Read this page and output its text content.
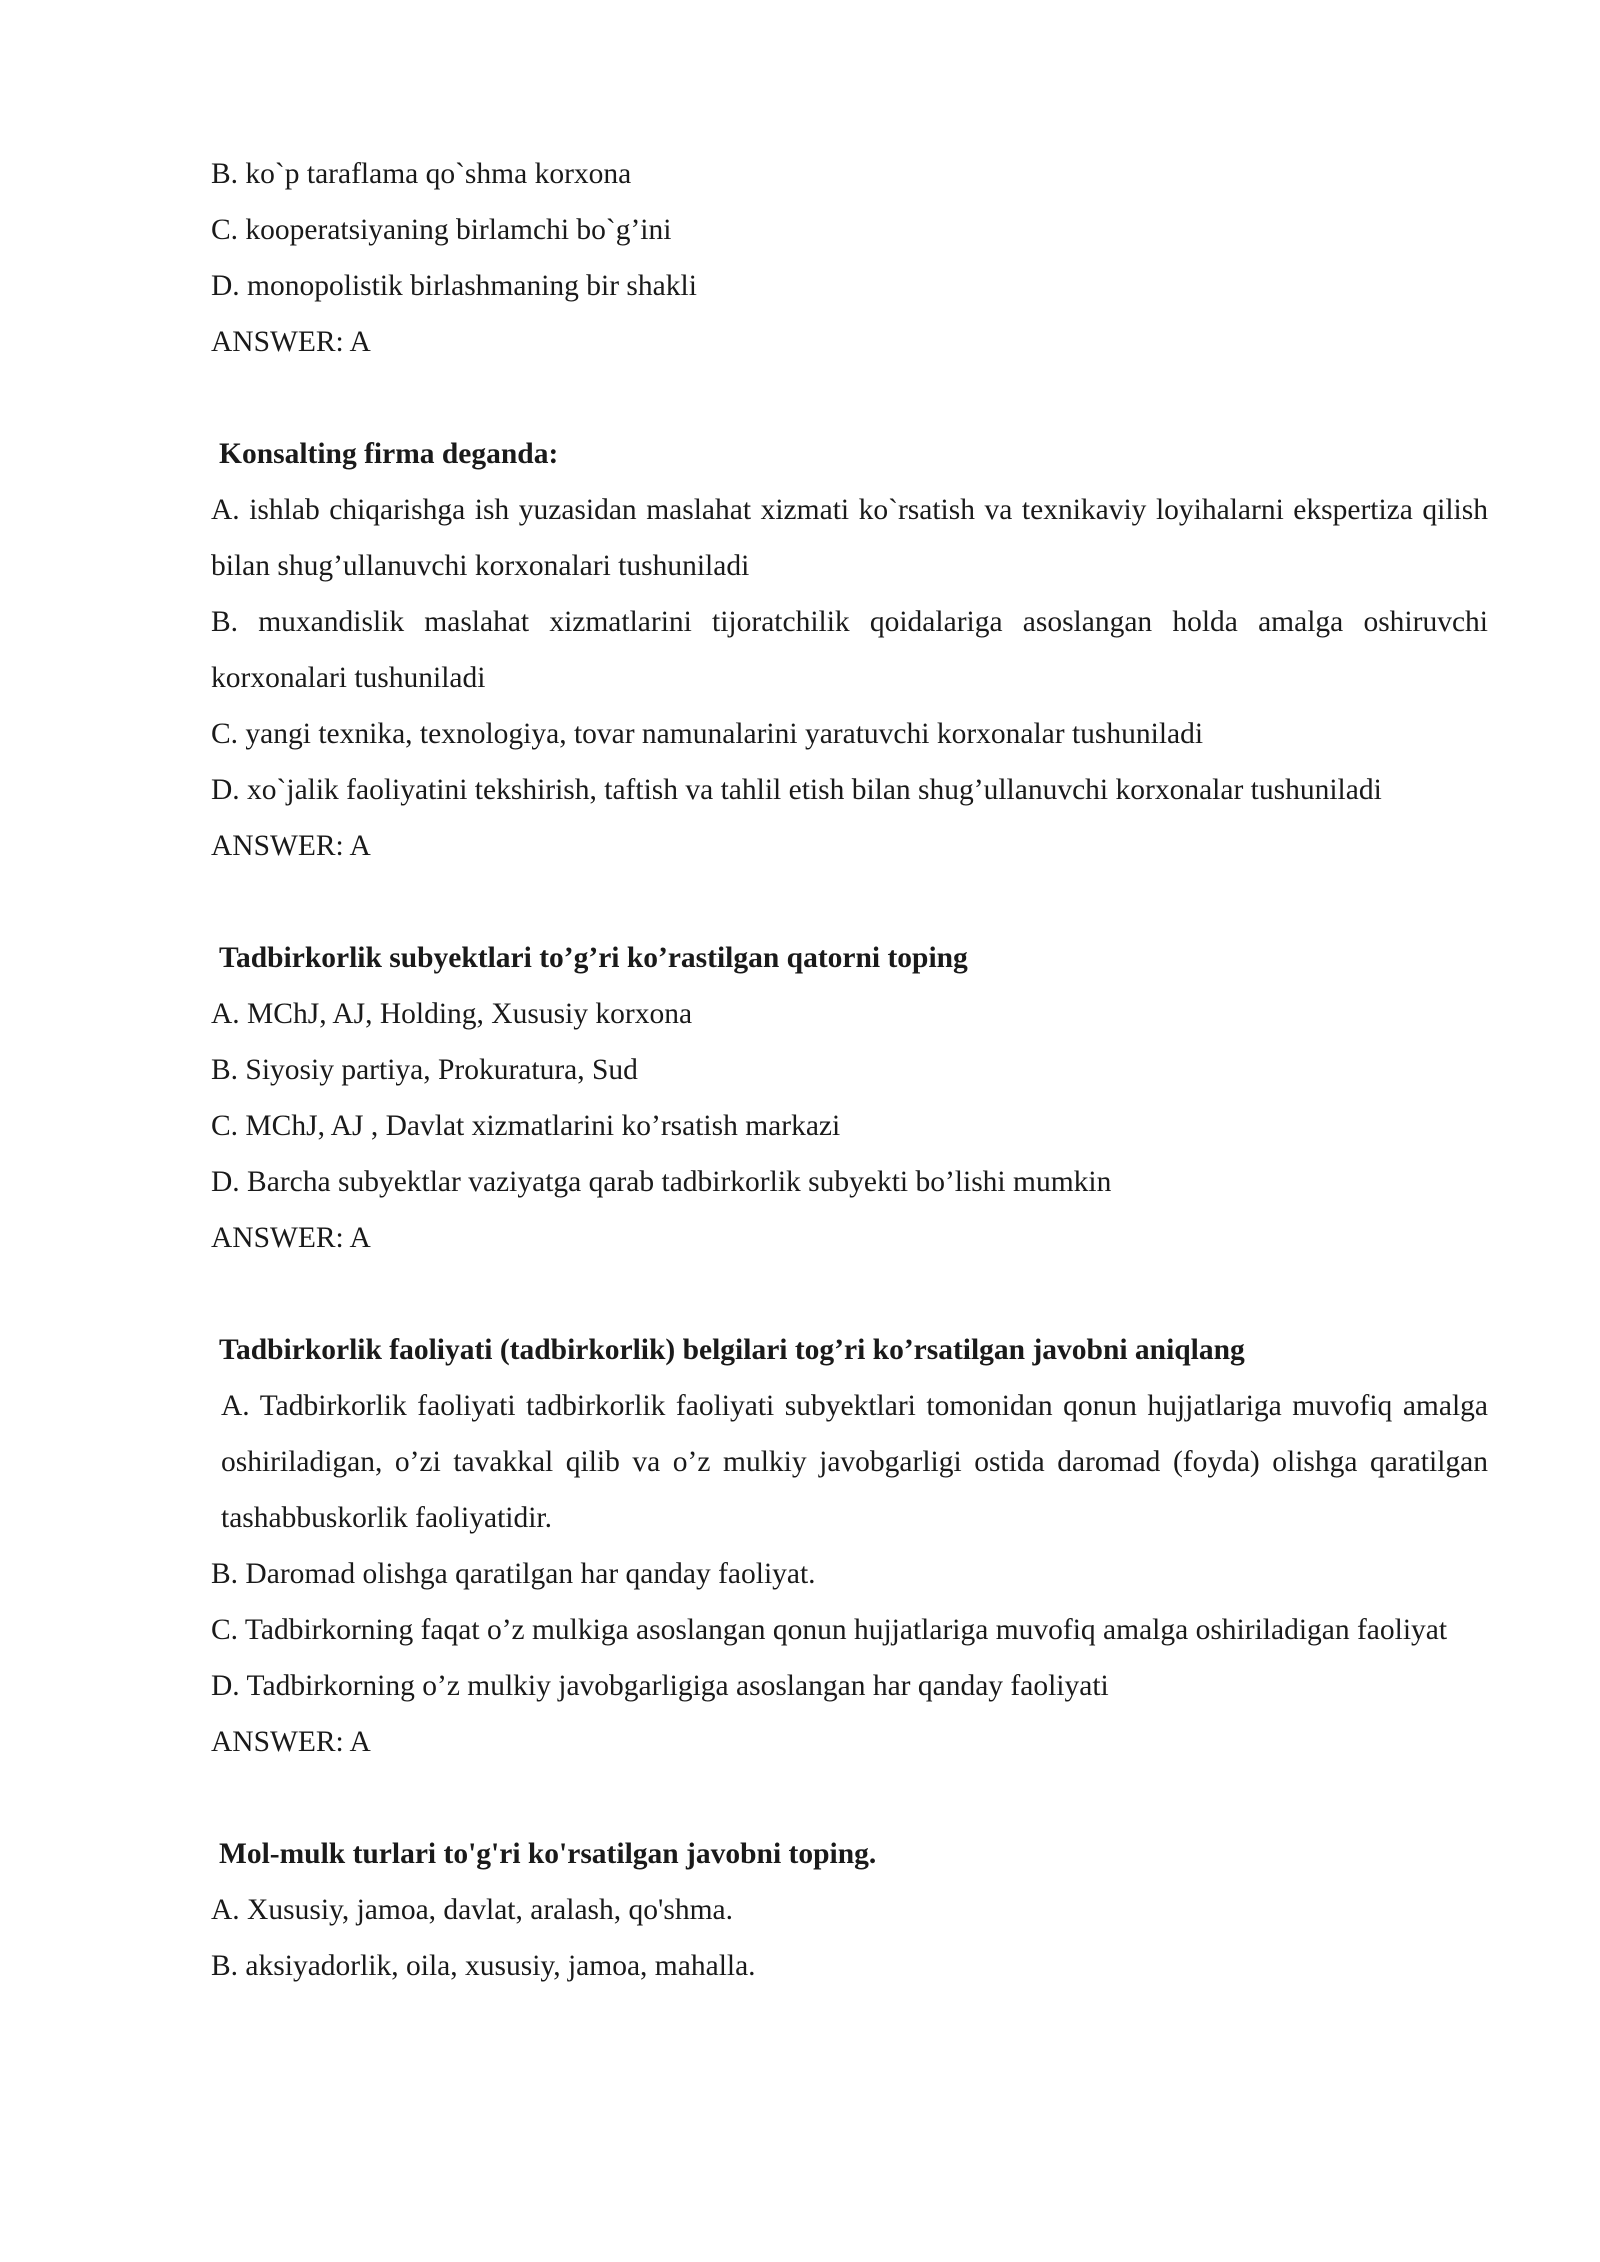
B. ko`p taraflama qo`shma korxona

C. kooperatsiyaning birlamchi bo`g’ini

D. monopolistik birlashmaning bir shakli

ANSWER: A

Konsalting firma deganda:

A. ishlab chiqarishga ish yuzasidan maslahat xizmati ko`rsatish va texnikaviy loyihalarni ekspertiza qilish bilan shug’ullanuvchi korxonalari tushuniladi

B. muxandislik maslahat xizmatlarini tijoratchilik qoidalariga asoslangan holda amalga oshiruvchi korxonalari tushuniladi

C. yangi texnika, texnologiya, tovar namunalarini yaratuvchi korxonalar tushuniladi

D. xo`jalik faoliyatini tekshirish, taftish va tahlil etish bilan shug’ullanuvchi korxonalar tushuniladi

ANSWER: A

Tadbirkorlik subyektlari to’g’ri ko’rastilgan qatorni toping

A. MChJ, AJ, Holding, Xususiy korxona

B. Siyosiy partiya, Prokuratura, Sud

C. MChJ, AJ , Davlat xizmatlarini ko’rsatish markazi

D. Barcha subyektlar vaziyatga qarab tadbirkorlik subyekti bo’lishi mumkin

ANSWER: A

Tadbirkorlik faoliyati (tadbirkorlik) belgilari tog’ri ko’rsatilgan javobni aniqlang

A. Tadbirkorlik faoliyati tadbirkorlik faoliyati subyektlari tomonidan qonun hujjatlariga muvofiq amalga oshiriladigan, o’zi tavakkal qilib va o’z mulkiy javobgarligi ostida daromad (foyda) olishga qaratilgan tashabbuskorlik faoliyatidir.

B. Daromad olishga qaratilgan har qanday faoliyat.

C. Tadbirkorning faqat o’z mulkiga asoslangan qonun hujjatlariga muvofiq amalga oshiriladigan faoliyat

D. Tadbirkorning o’z mulkiy javobgarligiga asoslangan har qanday faoliyati

ANSWER: A

Mol-mulk turlari to'g'ri ko'rsatilgan javobni toping.

A. Xususiy, jamoa, davlat, aralash, qo'shma.

B. aksiyadorlik, oila, xususiy, jamoa, mahalla.
